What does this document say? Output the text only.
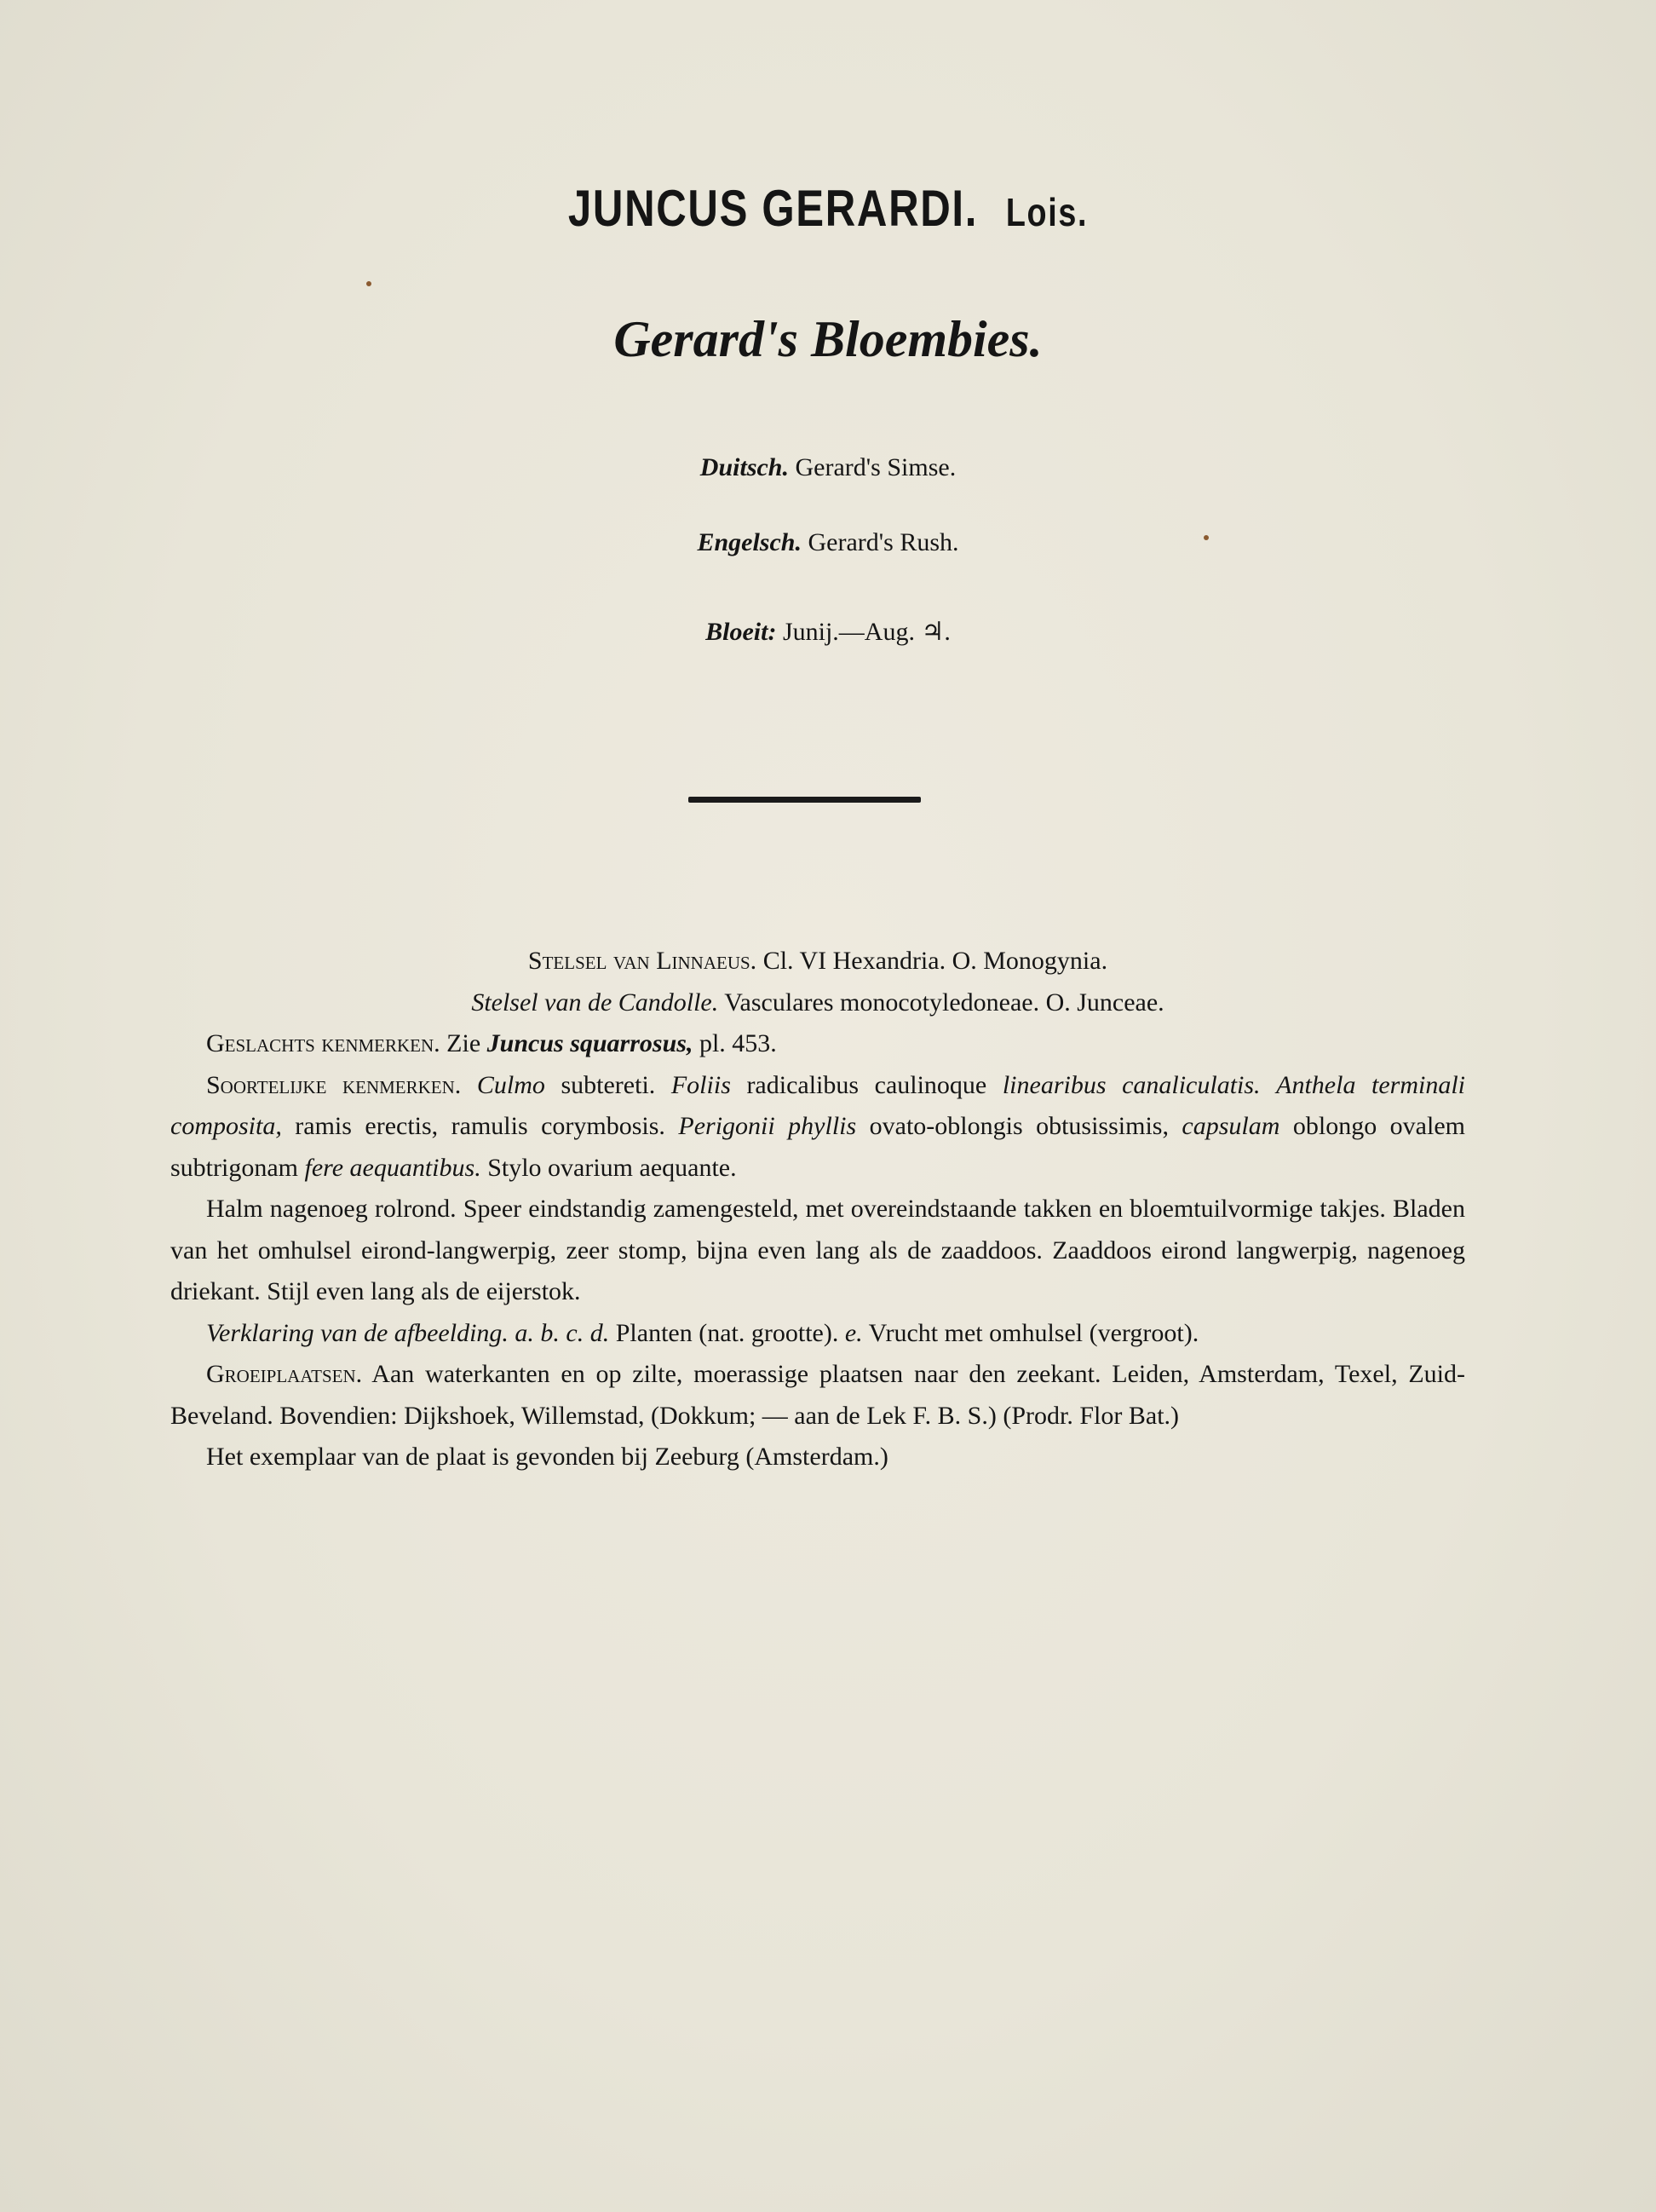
JUNCUS GERARDI. Lois.
Gerard's Bloembies.
Duitsch. Gerard's Simse.
Engelsch. Gerard's Rush.
Bloeit: Junij.—Aug. ♃.

Stelsel van Linnaeus. Cl. VI Hexandria. O. Monogynia.

Stelsel van de Candolle. Vasculares monocotyledoneae. O. Junceae.

Geslachts kenmerken. Zie Juncus squarrosus, pl. 453.

Soortelijke kenmerken. Culmo subtereti. Foliis radicalibus caulinoque linearibus canaliculatis. Anthela terminali composita, ramis erectis, ramulis corymbosis. Perigonii phyllis ovato-oblongis obtusissimis, capsulam oblongo ovalem subtrigonam fere aequantibus. Stylo ovarium aequante.

Halm nagenoeg rolrond. Speer eindstandig zamengesteld, met overeindstaande takken en bloemtuilvormige takjes. Bladen van het omhulsel eirond-langwerpig, zeer stomp, bijna even lang als de zaaddoos. Zaaddoos eirond langwerpig, nagenoeg driekant. Stijl even lang als de eijerstok.

Verklaring van de afbeelding. a. b. c. d. Planten (nat. grootte). e. Vrucht met omhulsel (vergroot).

Groeiplaatsen. Aan waterkanten en op zilte, moerassige plaatsen naar den zeekant. Leiden, Amsterdam, Texel, Zuid-Beveland. Bovendien: Dijkshoek, Willemstad, (Dokkum; — aan de Lek F. B. S.) (Prodr. Flor Bat.)

Het exemplaar van de plaat is gevonden bij Zeeburg (Amsterdam.)
